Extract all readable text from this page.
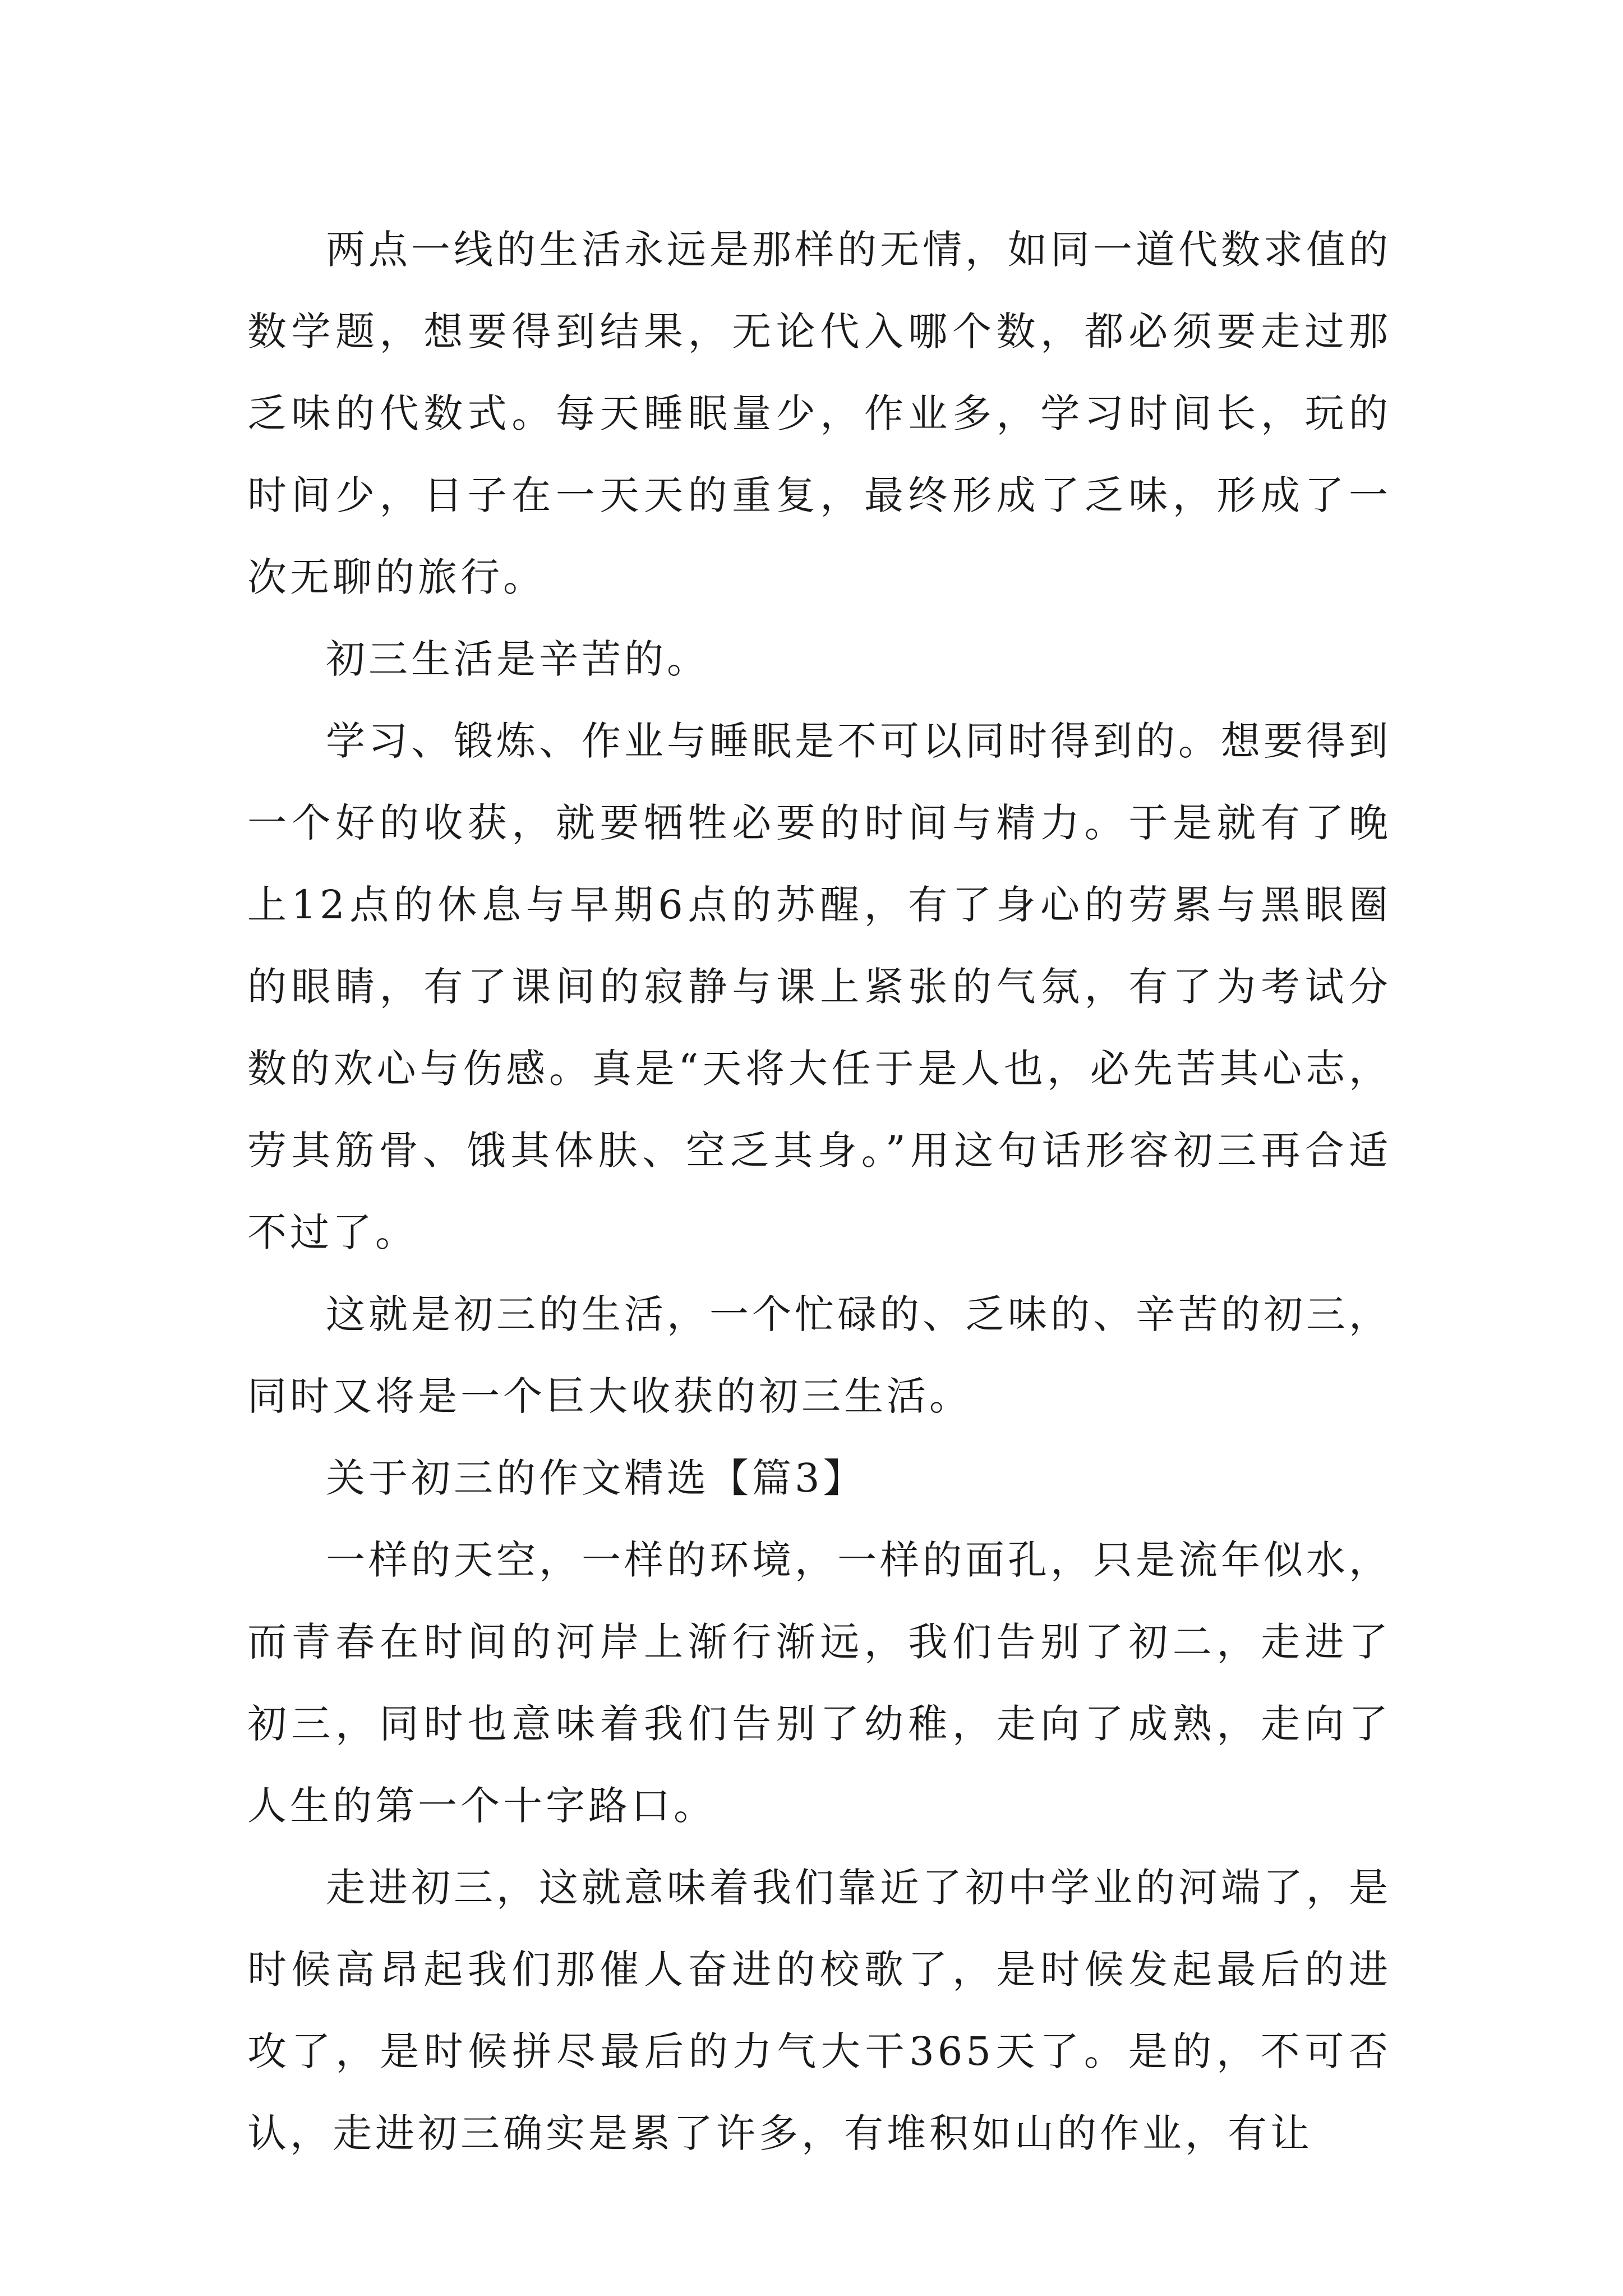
两点一线的生活永远是那样的无情，如同一道代数求值的数学题，想要得到结果，无论代入哪个数，都必须要走过那乏味的代数式。每天睡眠量少，作业多，学习时间长，玩的时间少，日子在一天天的重复，最终形成了乏味，形成了一次无聊的旅行。

初三生活是辛苦的。

学习、锻炼、作业与睡眠是不可以同时得到的。想要得到一个好的收获，就要牺牲必要的时间与精力。于是就有了晚上12点的休息与早期6点的苏醒，有了身心的劳累与黑眼圈的眼睛，有了课间的寂静与课上紧张的气氛，有了为考试分数的欢心与伤感。真是“天将大任于是人也，必先苦其心志，劳其筋骨、饿其体肤、空乏其身。”用这句话形容初三再合适不过了。

这就是初三的生活，一个忙碌的、乏味的、辛苦的初三，同时又将是一个巨大收获的初三生活。

关于初三的作文精选【篇3】

一样的天空，一样的环境，一样的面孔，只是流年似水，而青春在时间的河岸上渐行渐远，我们告别了初二，走进了初三，同时也意味着我们告别了幼稚，走向了成熟，走向了人生的第一个十字路口。

走进初三，这就意味着我们靠近了初中学业的河端了，是时候高昂起我们那催人奋进的校歌了，是时候发起最后的进攻了，是时候拼尽最后的力气大干365天了。是的，不可否认，走进初三确实是累了许多，有堆积如山的作业，有让
